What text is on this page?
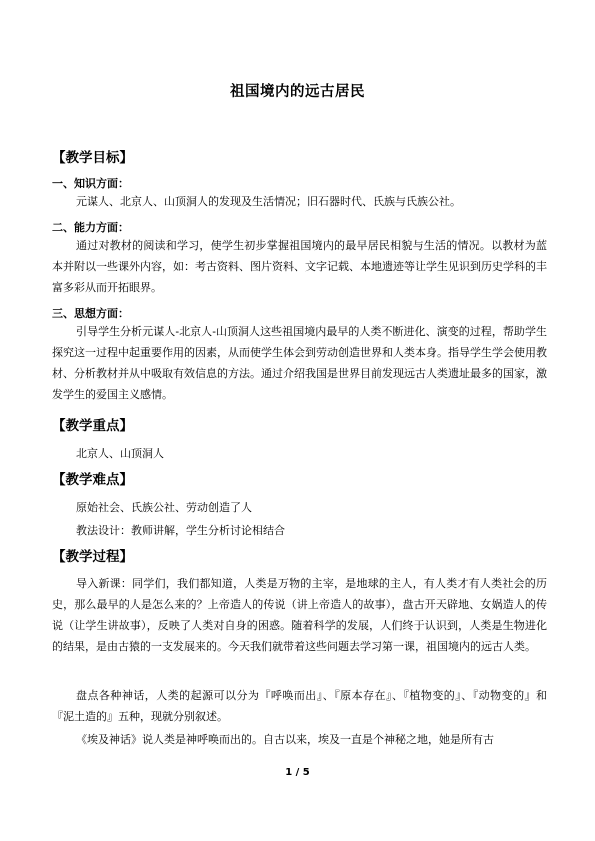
祖国境内的远古居民
【教学目标】
一、知识方面：

元谋人、北京人、山顶洞人的发现及生活情况；旧石器时代、氏族与氏族公社。

二、能力方面：

通过对教材的阅读和学习，使学生初步掌握祖国境内的最早居民相貌与生活的情况。以教材为蓝本并附以一些课外内容，如：考古资料、图片资料、文字记载、本地遗迹等让学生见识到历史学科的丰富多彩从而开拓眼界。

三、思想方面：

引导学生分析元谋人-北京人-山顶洞人这些祖国境内最早的人类不断进化、演变的过程，帮助学生探究这一过程中起重要作用的因素，从而使学生体会到劳动创造世界和人类本身。指导学生学会使用教材、分析教材并从中吸取有效信息的方法。通过介绍我国是世界目前发现远古人类遗址最多的国家，激发学生的爱国主义感情。

【教学重点】

北京人、山顶洞人

【教学难点】

原始社会、氏族公社、劳动创造了人

教法设计：教师讲解，学生分析讨论相结合

【教学过程】

导入新课：同学们，我们都知道，人类是万物的主宰，是地球的主人，有人类才有人类社会的历史，那么最早的人是怎么来的？上帝造人的传说（讲上帝造人的故事），盘古开天辟地、女娲造人的传说（让学生讲故事），反映了人类对自身的困惑。随着科学的发展，人们终于认识到，人类是生物进化的结果，是由古猿的一支发展来的。今天我们就带着这些问题去学习第一课，祖国境内的远古人类。

盘点各种神话，人类的起源可以分为『呼唤而出』、『原本存在』、『植物变的』、『动物变的』和『泥土造的』五种，现就分别叙述。

《埃及神话》说人类是神呼唤而出的。自古以来，埃及一直是个神秘之地，她是所有古

1 / 5
